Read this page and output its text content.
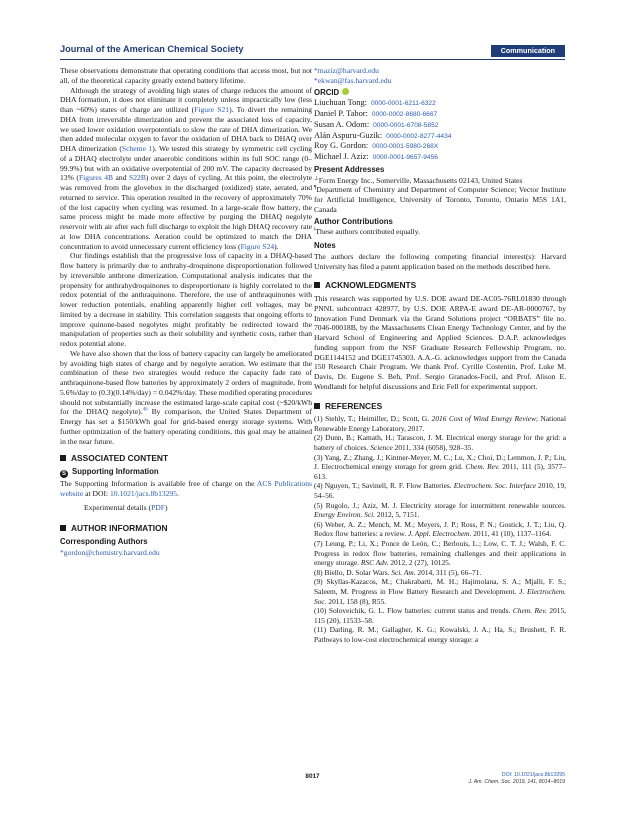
Journal of the American Chemical Society	Communication

These observations demonstrate that operating conditions that access most, but not all, of the theoretical capacity greatly extend battery lifetime.

Although the strategy of avoiding high states of charge reduces the amount of DHA formation, it does not eliminate it completely unless impractically low (less than ~60%) states of charge are utilized (Figure S21). To divert the remaining DHA from irreversible dimerization and prevent the associated loss of capacity, we used lower oxidation overpotentials to slow the rate of DHA dimerization. We then added molecular oxygen to favor the oxidation of DHA back to DHAQ over DHA dimerization (Scheme 1). We tested this strategy by symmetric cell cycling of a DHAQ electrolyte under anaerobic conditions within its full SOC range (0–99.9%) but with an oxidative overpotential of 200 mV. The capacity decreased by 13% (Figures 4B and S22B) over 2 days of cycling. At this point, the electrolyte was removed from the glovebox in the discharged (oxidized) state, aerated, and returned to service. This operation resulted in the recovery of approximately 70% of the lost capacity when cycling was resumed. In a large-scale flow battery, the same process might be made more effective by purging the DHAQ negolyte reservoir with air after each full discharge to exploit the high DHAQ recovery rate at low DHA concentrations. Aeration could be optimized to match the DHA concentration to avoid unnecessary current efficiency loss (Figure S24).

Our findings establish that the progressive loss of capacity in a DHAQ-based flow battery is primarily due to anthrahy-droquinone disproportionation followed by irreversible anthrone dimerization. Computational analysis indicates that the propensity for anthrahydroquinones to disproportionate is highly correlated to the redox potential of the anthraquinone. Therefore, the use of anthraquinones with lower reduction potentials, enabling apparently higher cell voltages, may be limited by a decrease in stability. This correlation suggests that ongoing efforts to improve quinone-based negolytes might profitably be redirected toward the manipulation of properties such as their solubility and synthetic costs, rather than redox potential alone.

We have also shown that the loss of battery capacity can largely be ameliorated by avoiding high states of charge and by negolyte aeration. We estimate that the combination of these two strategies would reduce the capacity fade rate of anthraquinone-based flow batteries by approximately 2 orders of magnitude, from 5.6%/day to (0.3)(0.14%/day) = 0.042%/day. These modified operating procedures should not substantially increase the estimated large-scale capital cost (~$20/kWh for the DHAQ negolyte).$^{46}$ By comparison, the United States Department of Energy has set a $150/kWh goal for grid-based energy storage systems. With further optimization of the battery operating conditions, this goal may be attained in the near future.

ASSOCIATED CONTENT
S Supporting Information

The Supporting Information is available free of charge on the ACS Publications website at DOI: 10.1021/jacs.8b13295.

Experimental details (PDF)

AUTHOR INFORMATION
Corresponding Authors

*gordon@chemistry.harvard.edu

*maziz@harvard.edu

*ekwan@fas.harvard.edu

ORCID
Liuchuan Tong: 0000-0001-6211-6322
Daniel P. Tabor: 0000-0002-8680-6667
Susan A. Odom: 0000-0001-6708-5852
Alán Aspuru-Guzik: 0000-0002-8277-4434
Roy G. Gordon: 0000-0001-5980-268X
Michael J. Aziz: 0000-0001-9657-9456
Present Addresses

⊥Form Energy Inc., Somerville, Massachusetts 02143, United States

¶Department of Chemistry and Department of Computer Science; Vector Institute for Artificial Intelligence, University of Toronto, Toronto, Ontario M5S 1A1, Canada

Author Contributions

‖These authors contributed equally.

Notes

The authors declare the following competing financial interest(s): Harvard University has filed a patent application based on the methods described here.

ACKNOWLEDGMENTS

This research was supported by U.S. DOE award DE-AC05-76RL01830 through PNNL subcontract 428977, by U.S. DOE ARPA-E award DE-AR-0000767, by Innovation Fund Denmark via the Grand Solutions project “ORBATS” file no. 7046-00018B, by the Massachusetts Clean Energy Technology Center, and by the Harvard School of Engineering and Applied Sciences. D.A.P. acknowledges funding support from the NSF Graduate Research Fellowship Program, no. DGE1144152 and DGE1745303. A.A.-G. acknowledges support from the Canada 150 Research Chair Program. We thank Prof. Cyrille Costentin, Prof. Luke M. Davis, Dr. Eugene S. Beh, Prof. Sergio Granados-Focil, and Prof. Alison E. Wendlandt for helpful discussions and Eric Fell for experimental support.

REFERENCES

(1) Stehly, T.; Heimiller, D.; Scott, G. 2016 Cost of Wind Energy Review; National Renewable Energy Laboratory, 2017.

(2) Dunn, B.; Kamath, H.; Tarascon, J. M. Electrical energy storage for the grid: a battery of choices. Science 2011, 334 (6058), 928–35.

(3) Yang, Z.; Zhang, J.; Kintner-Meyer, M. C.; Lu, X.; Choi, D.; Lemmon, J. P.; Liu, J. Electrochemical energy storage for green grid. Chem. Rev. 2011, 111 (5), 3577–613.

(4) Nguyen, T.; Savinell, R. F. Flow Batteries. Electrochem. Soc. Interface 2010, 19, 54–56.

(5) Rugolo, J.; Aziz, M. J. Electricity storage for intermittent renewable sources. Energy Environ. Sci. 2012, 5, 7151.

(6) Weber, A. Z.; Mench, M. M.; Meyers, J. P.; Ross, P. N.; Gostick, J. T.; Liu, Q. Redox flow batteries: a review. J. Appl. Electrochem. 2011, 41 (10), 1137–1164.

(7) Leung, P.; Li, X.; Ponce de León, C.; Berlouis, L.; Low, C. T. J.; Walsh, F. C. Progress in redox flow batteries, remaining challenges and their applications in energy storage. RSC Adv. 2012, 2 (27), 10125.

(8) Biello, D. Solar Wars. Sci. Am. 2014, 311 (5), 66–71.

(9) Skyllas-Kazacos, M.; Chakrabarti, M. H.; Hajimolana, S. A.; Mjalli, F. S.; Saleem, M. Progress in Flow Battery Research and Development. J. Electrochem. Soc. 2011, 158 (8), R55.

(10) Soloveichik, G. L. Flow batteries: current status and trends. Chem. Rev. 2015, 115 (20), 11533–58.

(11) Darling, R. M.; Gallagher, K. G.; Kowalski, J. A.; Ha, S.; Brushett, F. R. Pathways to low-cost electrochemical energy storage: a

8017	DOI: 10.1021/jacs.8b13295
J. Am. Chem. Soc. 2019, 141, 8014−8019
